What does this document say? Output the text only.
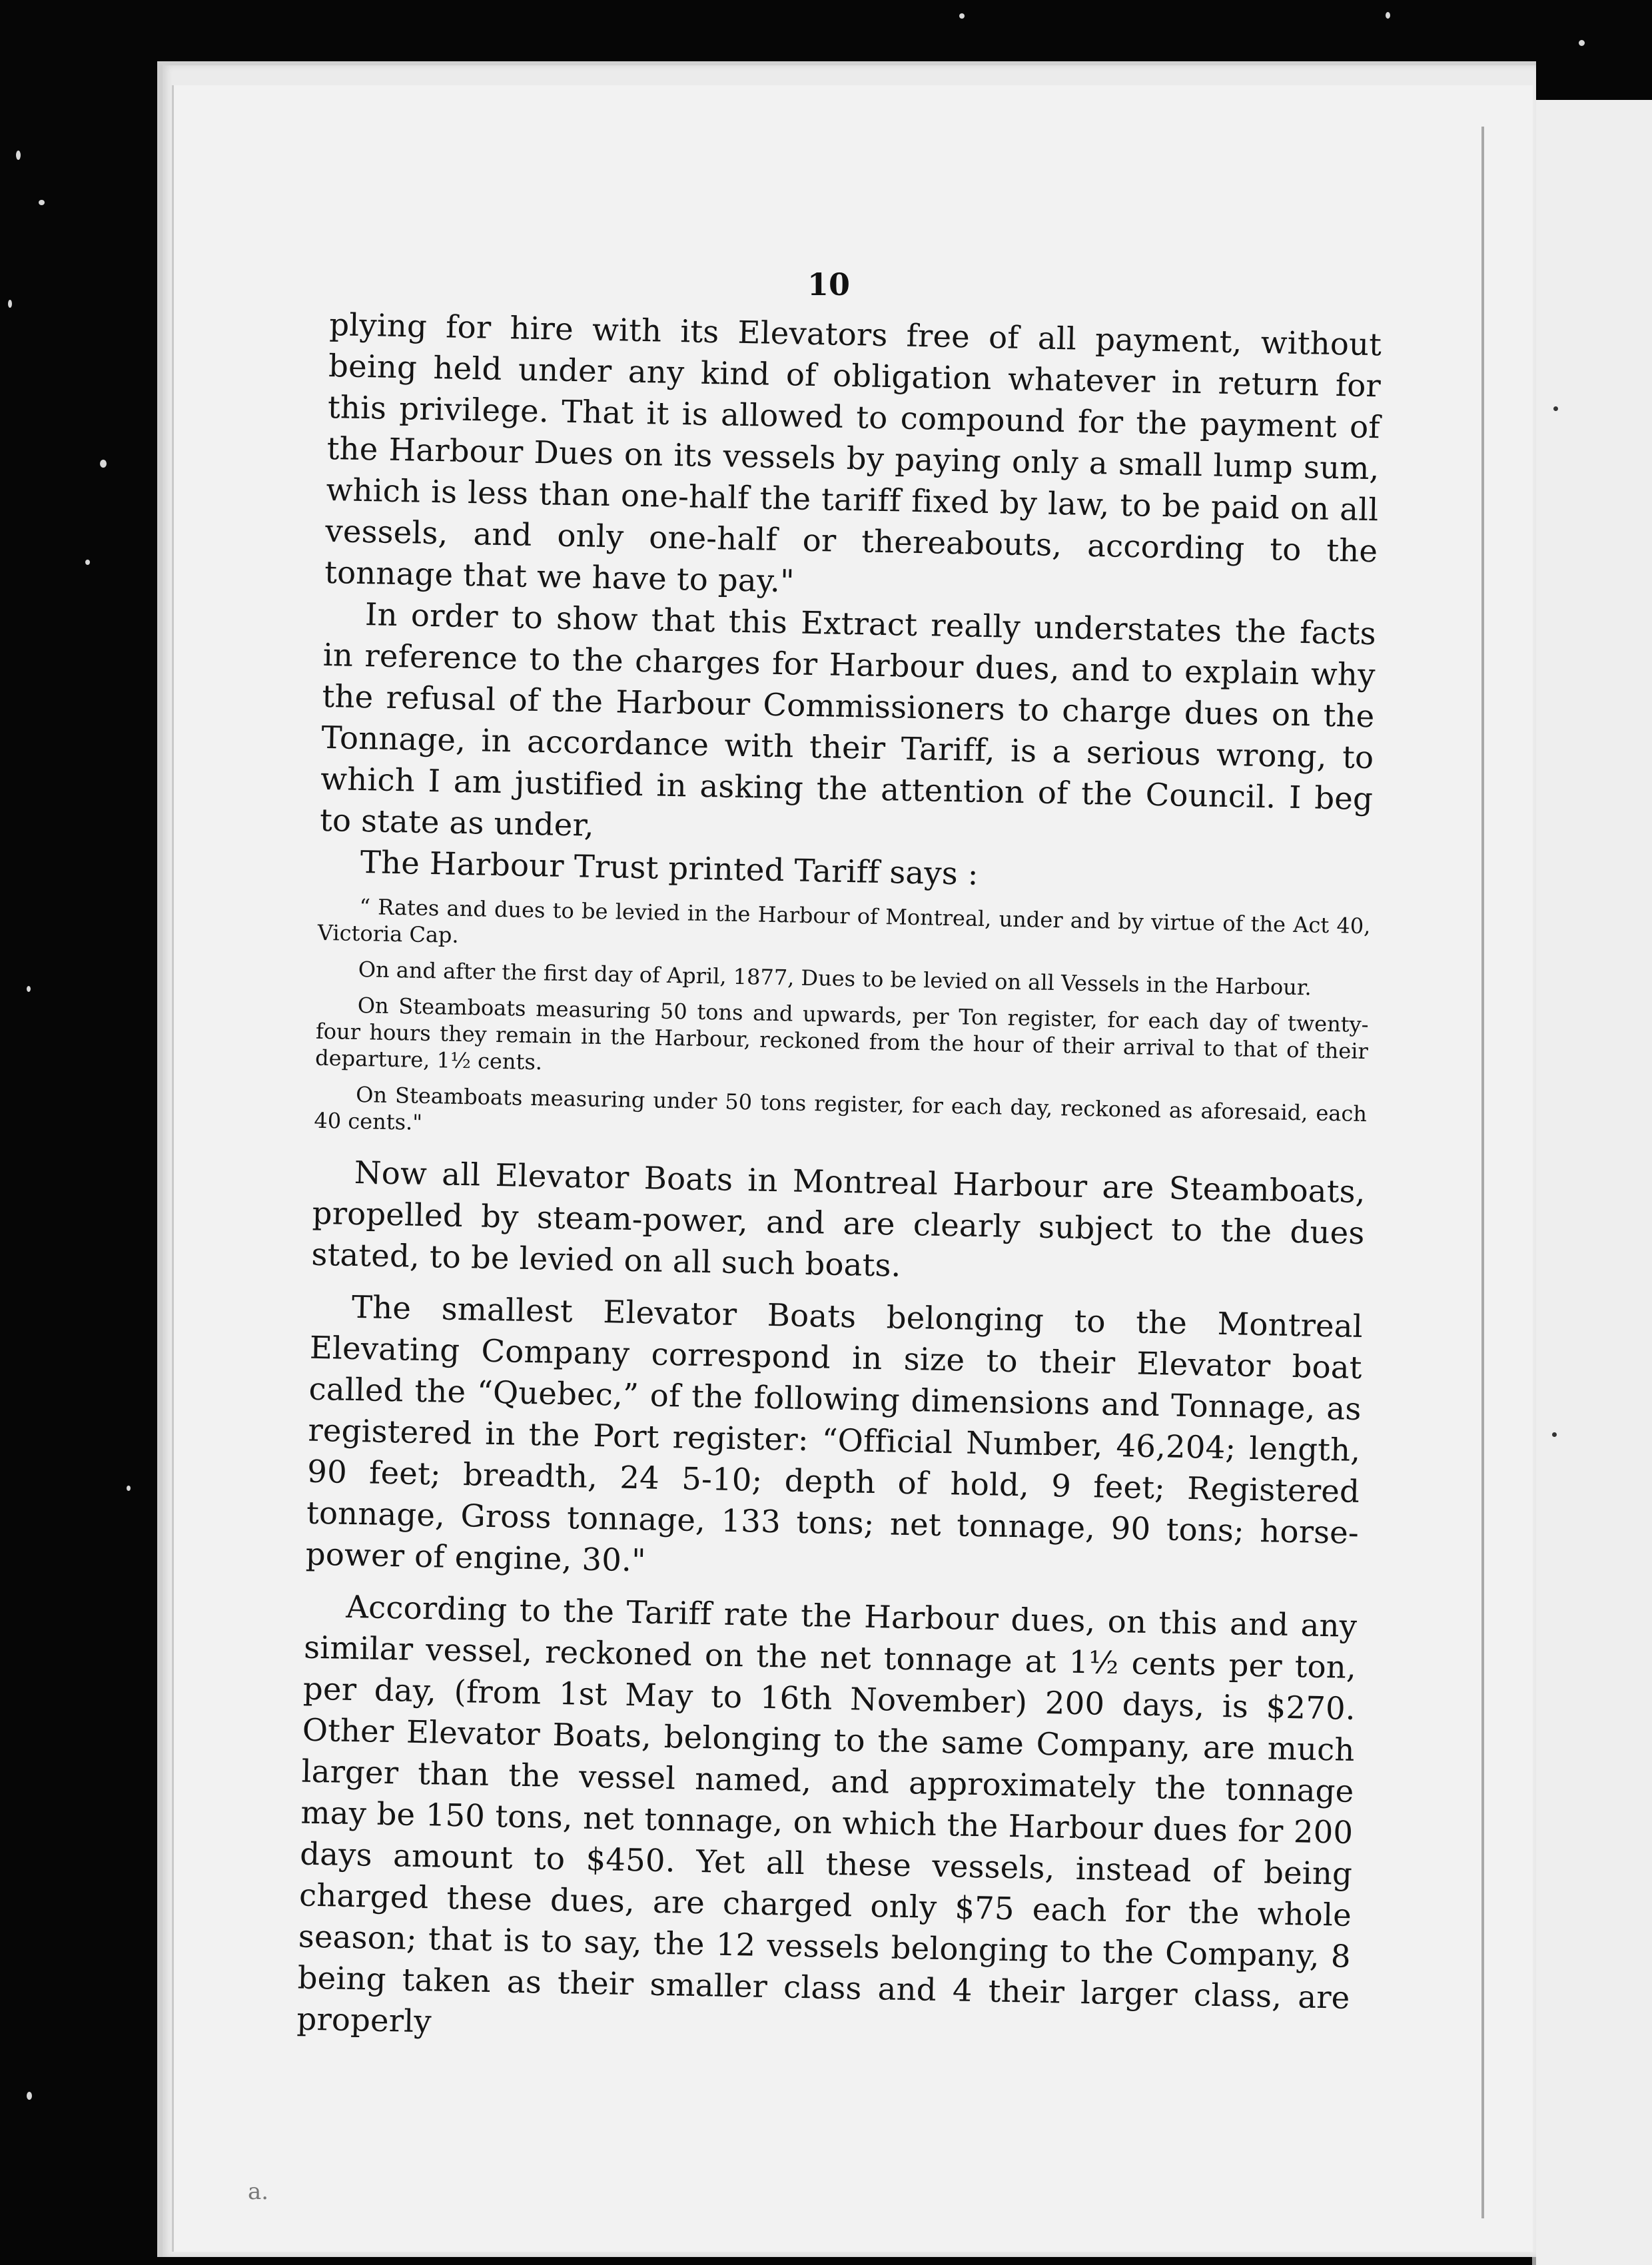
10

plying for hire with its Elevators free of all payment, without being held under any kind of obligation whatever in return for this privilege. That it is allowed to compound for the payment of the Harbour Dues on its vessels by paying only a small lump sum, which is less than one-half the tariff fixed by law, to be paid on all vessels, and only one-half or thereabouts, according to the tonnage that we have to pay."

In order to show that this Extract really understates the facts in reference to the charges for Harbour dues, and to explain why the refusal of the Harbour Commissioners to charge dues on the Tonnage, in accordance with their Tariff, is a serious wrong, to which I am justified in asking the attention of the Council. I beg to state as under,

The Harbour Trust printed Tariff says :

“ Rates and dues to be levied in the Harbour of Montreal, under and by virtue of the Act 40, Victoria Cap.

On and after the first day of April, 1877, Dues to be levied on all Vessels in the Harbour.

On Steamboats measuring 50 tons and upwards, per Ton register, for each day of twenty-four hours they remain in the Harbour, reckoned from the hour of their arrival to that of their departure, 1½ cents.

On Steamboats measuring under 50 tons register, for each day, reckoned as aforesaid, each 40 cents."

Now all Elevator Boats in Montreal Harbour are Steamboats, propelled by steam-power, and are clearly subject to the dues stated, to be levied on all such boats.

The smallest Elevator Boats belonging to the Montreal Elevating Company correspond in size to their Elevator boat called the “Quebec,” of the following dimensions and Tonnage, as registered in the Port register: “Official Number, 46,204; length, 90 feet; breadth, 24 5-10; depth of hold, 9 feet; Registered tonnage, Gross tonnage, 133 tons; net tonnage, 90 tons; horse-power of engine, 30."

According to the Tariff rate the Harbour dues, on this and any similar vessel, reckoned on the net tonnage at 1½ cents per ton, per day, (from 1st May to 16th November) 200 days, is $270. Other Elevator Boats, belonging to the same Company, are much larger than the vessel named, and approximately the tonnage may be 150 tons, net tonnage, on which the Harbour dues for 200 days amount to $450. Yet all these vessels, instead of being charged these dues, are charged only $75 each for the whole season; that is to say, the 12 vessels belonging to the Company, 8 being taken as their smaller class and 4 their larger class, are properly

a.
